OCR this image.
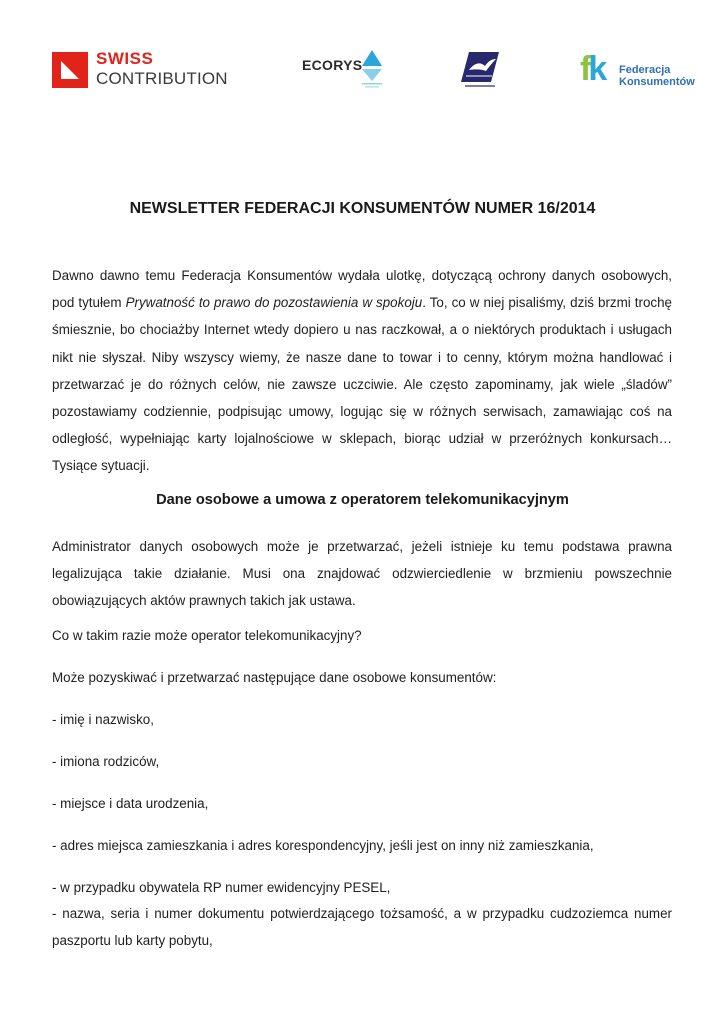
SWISS
CONTRIBUTION
ECORYS	fk Federacja
Konsumentów
NEWSLETTER FEDERACJI KONSUMENTÓW NUMER 16/2014

Dawno dawno temu Federacja Konsumentów wydała ulotkę, dotyczącą ochrony danych osobowych, pod tytułem Prywatność to prawo do pozostawienia w spokoju. To, co w niej pisaliśmy, dziś brzmi trochę śmiesznie, bo chociażby Internet wtedy dopiero u nas raczkował, a o niektórych produktach i usługach nikt nie słyszał. Niby wszyscy wiemy, że nasze dane to towar i to cenny, którym można handlować i przetwarzać je do różnych celów, nie zawsze uczciwie. Ale często zapominamy, jak wiele „śladów” pozostawiamy codziennie, podpisując umowy, logując się w różnych serwisach, zamawiając coś na odległość, wypełniając karty lojalnościowe w sklepach, biorąc udział w przeróżnych konkursach… Tysiące sytuacji.

Dane osobowe a umowa z operatorem telekomunikacyjnym

Administrator danych osobowych może je przetwarzać, jeżeli istnieje ku temu podstawa prawna legalizująca takie działanie. Musi ona znajdować odzwierciedlenie w brzmieniu powszechnie obowiązujących aktów prawnych takich jak ustawa.

Co w takim razie może operator telekomunikacyjny?

Może pozyskiwać i przetwarzać następujące dane osobowe konsumentów:

- imię i nazwisko,

- imiona rodziców,

- miejsce i data urodzenia,

- adres miejsca zamieszkania i adres korespondencyjny, jeśli jest on inny niż zamieszkania,

- w przypadku obywatela RP numer ewidencyjny PESEL,

- nazwa, seria i numer dokumentu potwierdzającego tożsamość, a w przypadku cudzoziemca numer paszportu lub karty pobytu,
